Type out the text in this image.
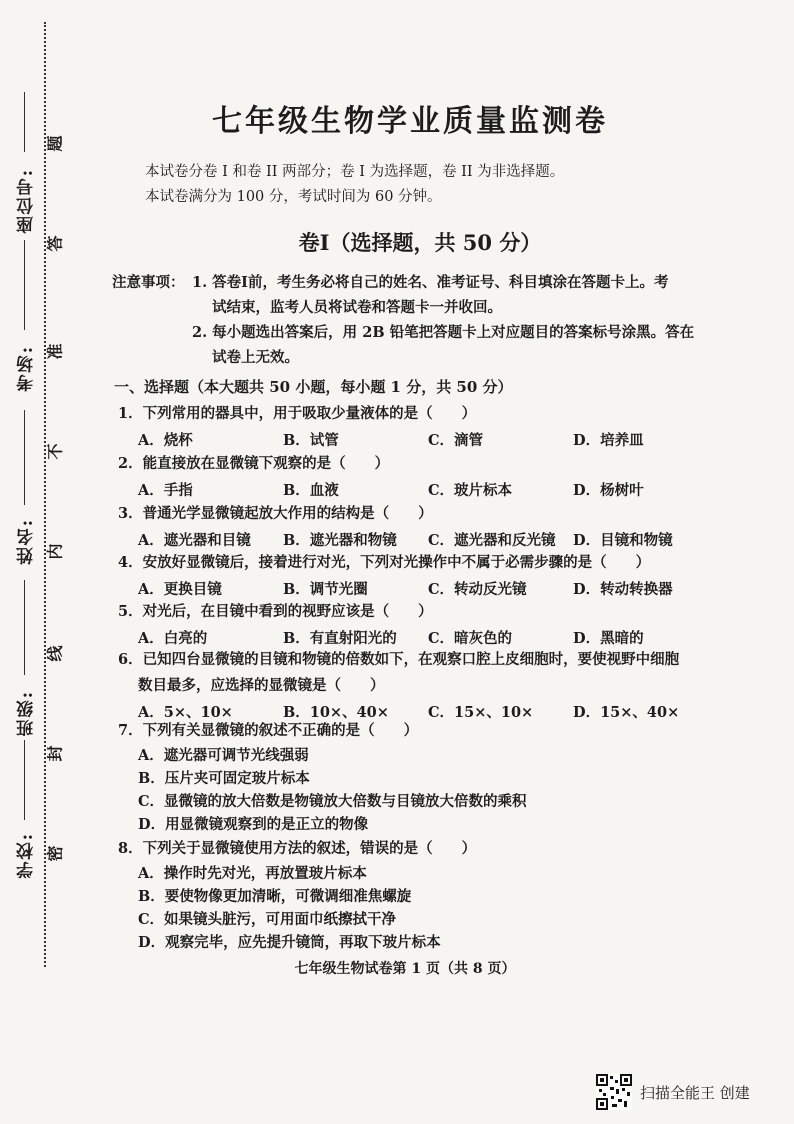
座位号:
考场:
姓名:
班级:
学校:
题
答
准
不
内
线
封
密
七年级生物学业质量监测卷
本试卷分卷 I 和卷 II 两部分；卷 I 为选择题，卷 II 为非选择题。
本试卷满分为 100 分，考试时间为 60 分钟。
卷Ⅰ（选择题，共 50 分）
注意事项： 1. 答卷Ⅰ前，考生务必将自己的姓名、准考证号、科目填涂在答题卡上。考
试结束，监考人员将试卷和答题卡一并收回。
2. 每小题选出答案后，用 2B 铅笔把答题卡上对应题目的答案标号涂黑。答在
试卷上无效。
一、选择题（本大题共 50 小题，每小题 1 分，共 50 分）
1．下列常用的器具中，用于吸取少量液体的是（　　）
A．烧杯	B．试管	C．滴管	D．培养皿
2．能直接放在显微镜下观察的是（　　）
A．手指	B．血液	C．玻片标本	D．杨树叶
3．普通光学显微镜起放大作用的结构是（　　）
A．遮光器和目镜	B．遮光器和物镜	C．遮光器和反光镜	D．目镜和物镜
4．安放好显微镜后，接着进行对光，下列对光操作中不属于必需步骤的是（　　）
A．更换目镜	B．调节光圈	C．转动反光镜	D．转动转换器
5．对光后，在目镜中看到的视野应该是（　　）
A．白亮的	B．有直射阳光的	C．暗灰色的	D．黑暗的
6．已知四台显微镜的目镜和物镜的倍数如下，在观察口腔上皮细胞时，要使视野中细胞
数目最多，应选择的显微镜是（　　）
A．5×、10×	B．10×、40×	C．15×、10×	D．15×、40×
7．下列有关显微镜的叙述不正确的是（　　）
A．遮光器可调节光线强弱
B．压片夹可固定玻片标本
C．显微镜的放大倍数是物镜放大倍数与目镜放大倍数的乘积
D．用显微镜观察到的是正立的物像
8．下列关于显微镜使用方法的叙述，错误的是（　　）
A．操作时先对光，再放置玻片标本
B．要使物像更加清晰，可微调细准焦螺旋
C．如果镜头脏污，可用面巾纸擦拭干净
D．观察完毕，应先提升镜筒，再取下玻片标本
七年级生物试卷第 1 页（共 8 页）
扫描全能王 创建
